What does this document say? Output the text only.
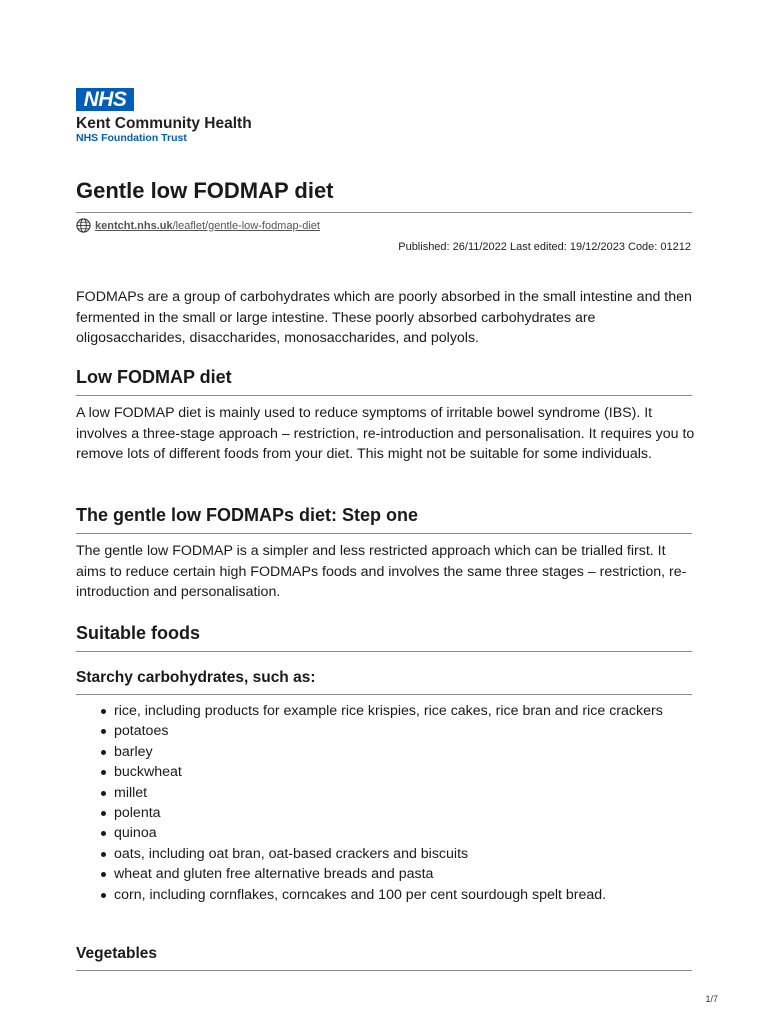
NHS
Kent Community Health
NHS Foundation Trust
Gentle low FODMAP diet
kentcht.nhs.uk /leaflet/gentle-low-fodmap-diet
Published: 26/11/2022 Last edited: 19/12/2023 Code: 01212

FODMAPs are a group of carbohydrates which are poorly absorbed in the small intestine and then fermented in the small or large intestine. These poorly absorbed carbohydrates are oligosaccharides, disaccharides, monosaccharides, and polyols.

Low FODMAP diet

A low FODMAP diet is mainly used to reduce symptoms of irritable bowel syndrome (IBS). It involves a three-stage approach – restriction, re-introduction and personalisation. It requires you to remove lots of different foods from your diet. This might not be suitable for some individuals.

The gentle low FODMAPs diet: Step one

The gentle low FODMAP is a simpler and less restricted approach which can be trialled first. It aims to reduce certain high FODMAPs foods and involves the same three stages – restriction, re-introduction and personalisation.

Suitable foods
Starchy carbohydrates, such as:
rice, including products for example rice krispies, rice cakes, rice bran and rice crackers
potatoes
barley
buckwheat
millet
polenta
quinoa
oats, including oat bran, oat-based crackers and biscuits
wheat and gluten free alternative breads and pasta
corn, including cornflakes, corncakes and 100 per cent sourdough spelt bread.
Vegetables
1/7
